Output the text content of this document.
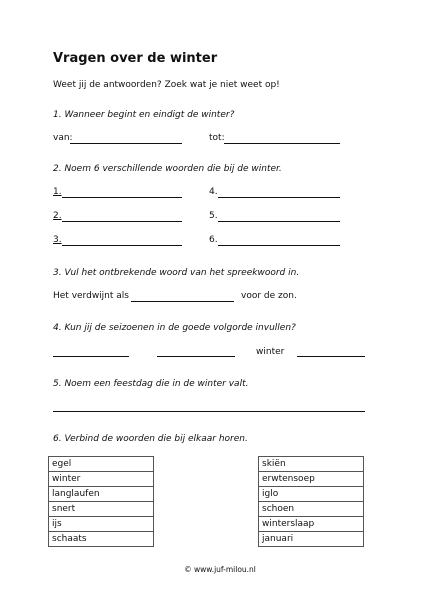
Vragen over de winter
Weet jij de antwoorden? Zoek wat je niet weet op!
1. Wanneer begint en eindigt de winter?
van:	tot:
2. Noem 6 verschillende woorden die bij de winter.
1.
2.
3.
4.
5.
6.
3. Vul het ontbrekende woord van het spreekwoord in.
Het verdwijnt als	voor de zon.
4. Kun jij de seizoenen in de goede volgorde invullen?
winter
5. Noem een feestdag die in de winter valt.
6. Verbind de woorden die bij elkaar horen.
egel
winter
langlaufen
snert
ijs
schaats
skiën
erwtensoep
iglo
schoen
winterslaap
januari
© www.juf-milou.nl
